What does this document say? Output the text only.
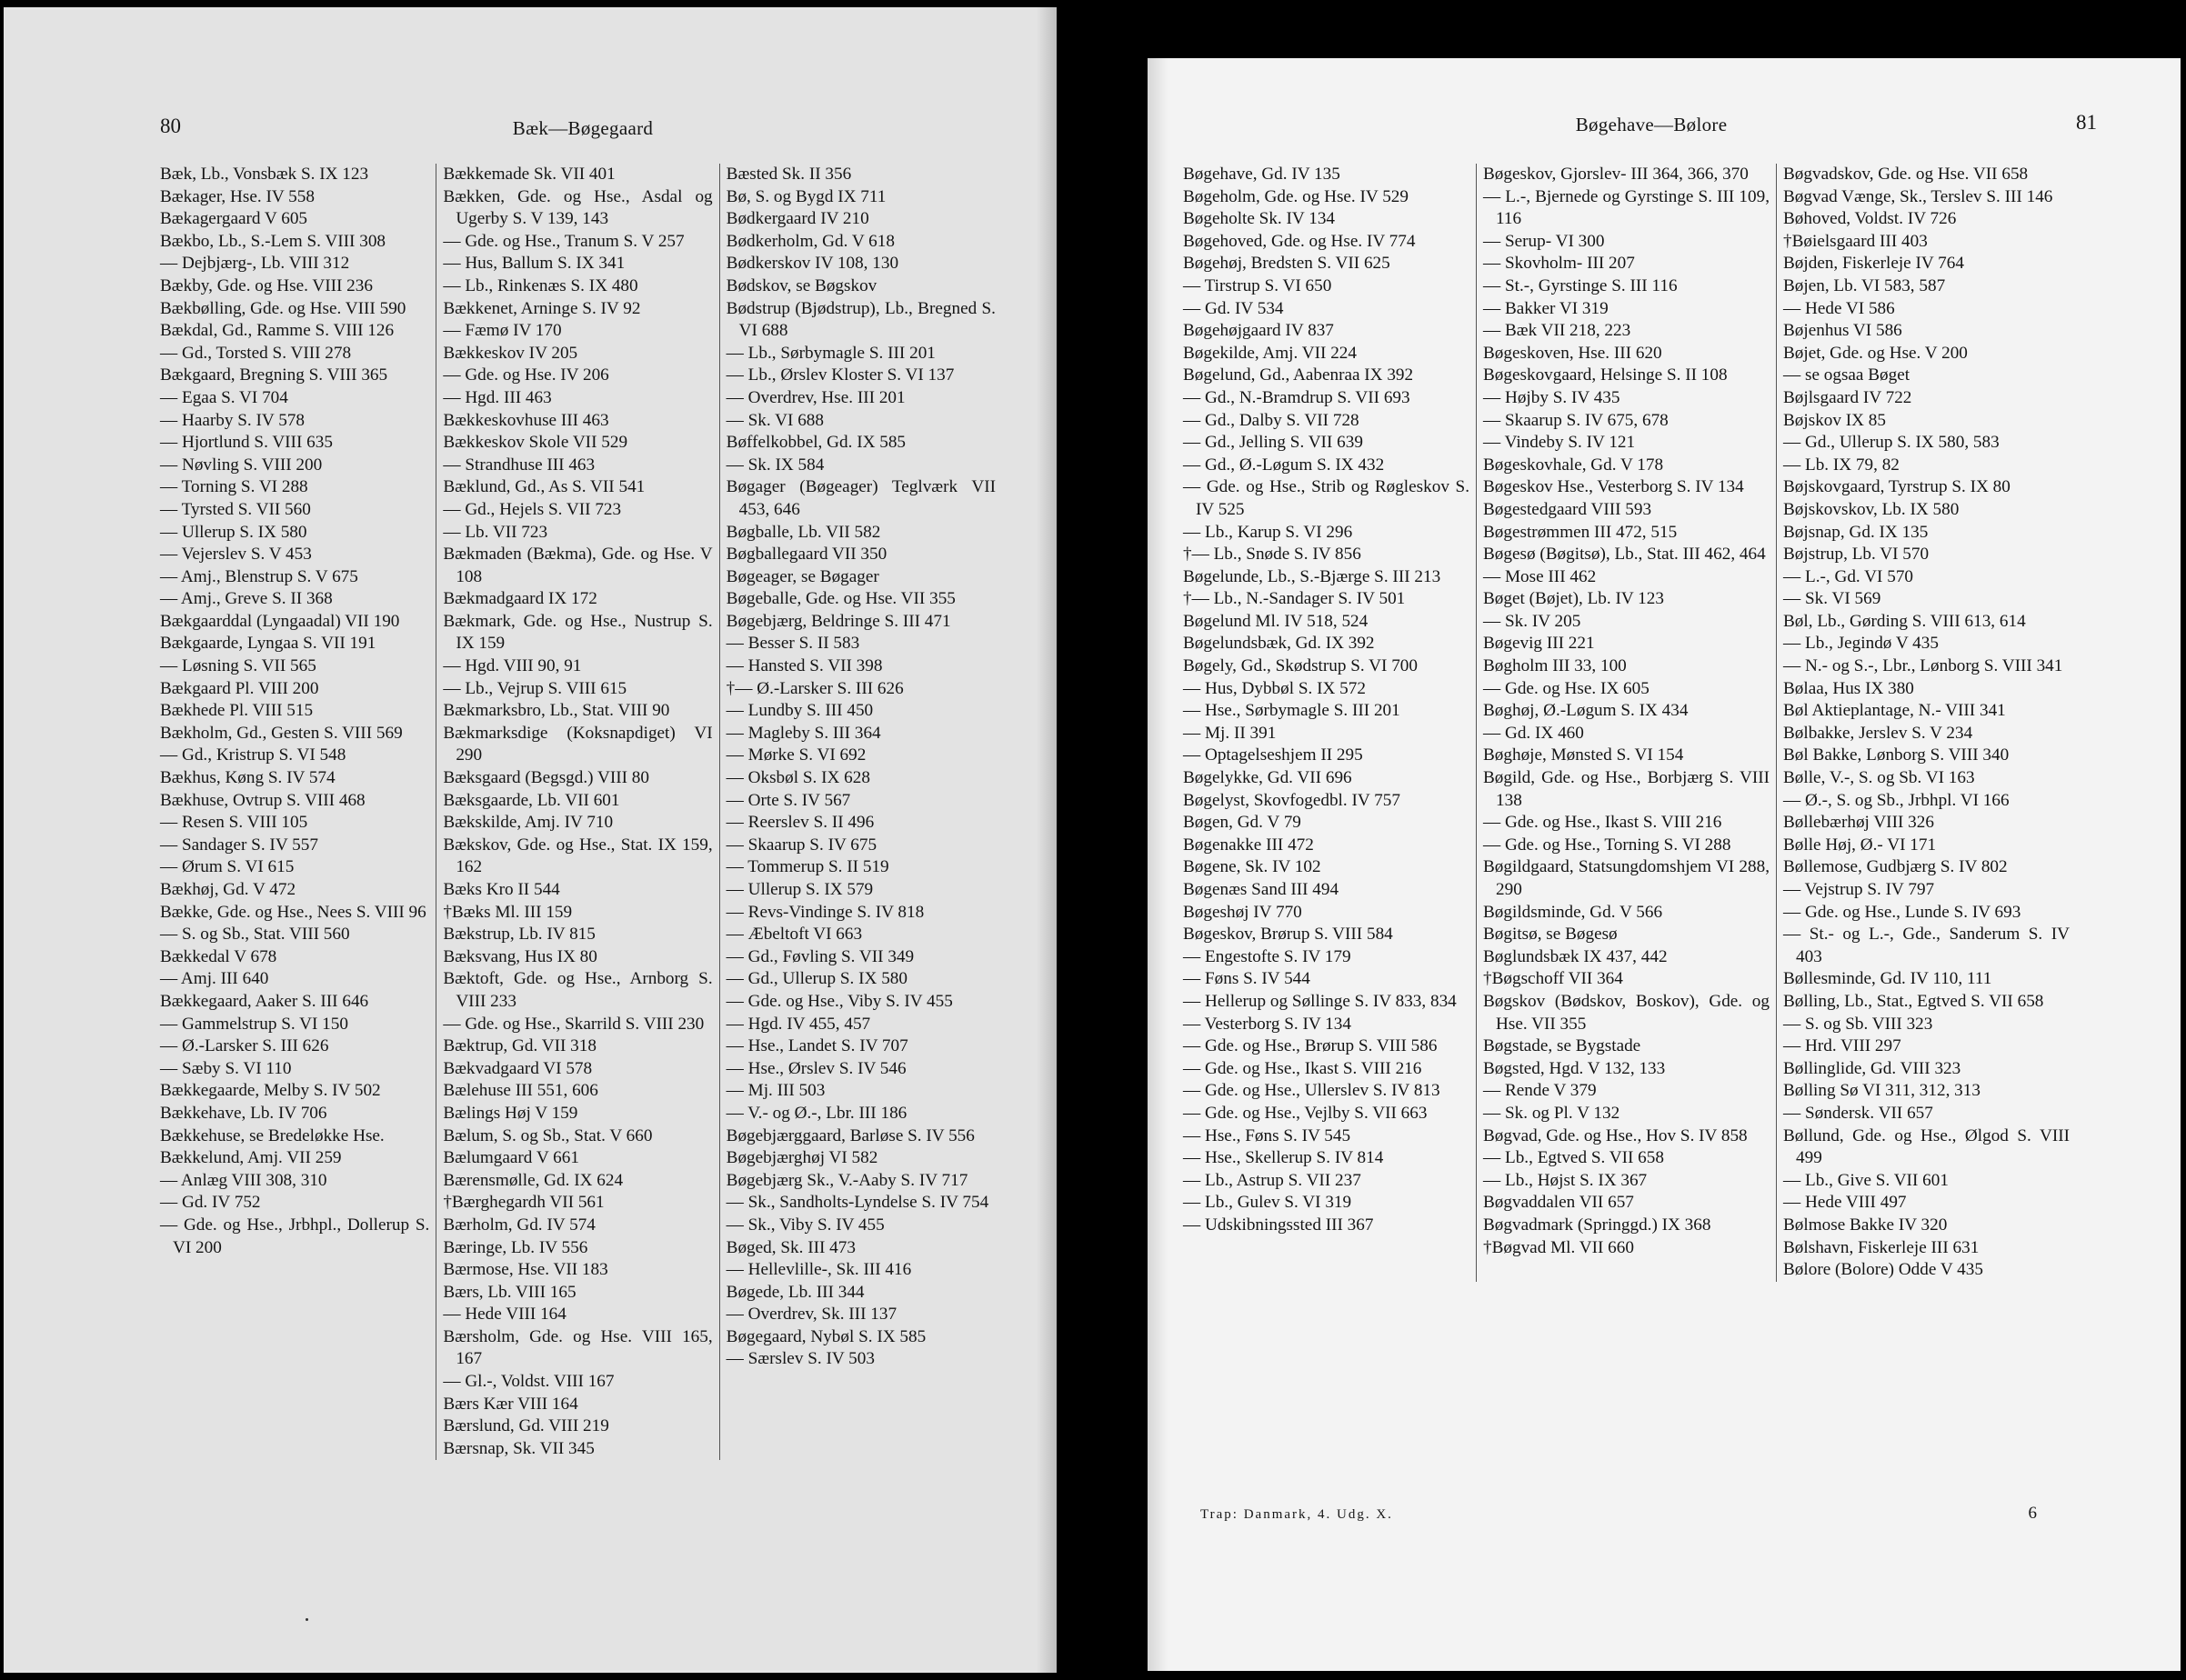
80	Bæk—Bøgegaard
Bæk, Lb., Vonsbæk S. IX 123
Bækager, Hse. IV 558
Bækagergaard V 605
Bækbo, Lb., S.-Lem S. VIII 308
— Dejbjærg-, Lb. VIII 312
Bækby, Gde. og Hse. VIII 236
Bækbølling, Gde. og Hse. VIII 590
Bækdal, Gd., Ramme S. VIII 126
— Gd., Torsted S. VIII 278
Bækgaard, Bregning S. VIII 365
— Egaa S. VI 704
— Haarby S. IV 578
— Hjortlund S. VIII 635
— Nøvling S. VIII 200
— Torning S. VI 288
— Tyrsted S. VII 560
— Ullerup S. IX 580
— Vejerslev S. V 453
— Amj., Blenstrup S. V 675
— Amj., Greve S. II 368
Bækgaarddal (Lyngaadal) VII 190
Bækgaarde, Lyngaa S. VII 191
— Løsning S. VII 565
Bækgaard Pl. VIII 200
Bækhede Pl. VIII 515
Bækholm, Gd., Gesten S. VIII 569
— Gd., Kristrup S. VI 548
Bækhus, Køng S. IV 574
Bækhuse, Ovtrup S. VIII 468
— Resen S. VIII 105
— Sandager S. IV 557
— Ørum S. VI 615
Bækhøj, Gd. V 472
Bække, Gde. og Hse., Nees S. VIII 96
— S. og Sb., Stat. VIII 560
Bækkedal V 678
— Amj. III 640
Bækkegaard, Aaker S. III 646
— Gammelstrup S. VI 150
— Ø.-Larsker S. III 626
— Sæby S. VI 110
Bækkegaarde, Melby S. IV 502
Bækkehave, Lb. IV 706
Bækkehuse, se Bredeløkke Hse.
Bækkelund, Amj. VII 259
— Anlæg VIII 308, 310
— Gd. IV 752
— Gde. og Hse., Jrbhpl., Dollerup S. VI 200
Bækkemade Sk. VII 401
Bækken, Gde. og Hse., Asdal og Ugerby S. V 139, 143
— Gde. og Hse., Tranum S. V 257
— Hus, Ballum S. IX 341
— Lb., Rinkenæs S. IX 480
Bækkenet, Arninge S. IV 92
— Fæmø IV 170
Bækkeskov IV 205
— Gde. og Hse. IV 206
— Hgd. III 463
Bækkeskovhuse III 463
Bækkeskov Skole VII 529
— Strandhuse III 463
Bæklund, Gd., As S. VII 541
— Gd., Hejels S. VII 723
— Lb. VII 723
Bækmaden (Bækma), Gde. og Hse. V 108
Bækmadgaard IX 172
Bækmark, Gde. og Hse., Nustrup S. IX 159
— Hgd. VIII 90, 91
— Lb., Vejrup S. VIII 615
Bækmarksbro, Lb., Stat. VIII 90
Bækmarksdige (Koksnapdiget) VI 290
Bæksgaard (Begsgd.) VIII 80
Bæksgaarde, Lb. VII 601
Bækskilde, Amj. IV 710
Bækskov, Gde. og Hse., Stat. IX 159, 162
Bæks Kro II 544
†Bæks Ml. III 159
Bækstrup, Lb. IV 815
Bæksvang, Hus IX 80
Bæktoft, Gde. og Hse., Arnborg S. VIII 233
— Gde. og Hse., Skarrild S. VIII 230
Bæktrup, Gd. VII 318
Bækvadgaard VI 578
Bælehuse III 551, 606
Bælings Høj V 159
Bælum, S. og Sb., Stat. V 660
Bælumgaard V 661
Bærensmølle, Gd. IX 624
†Bærghegardh VII 561
Bærholm, Gd. IV 574
Bæringe, Lb. IV 556
Bærmose, Hse. VII 183
Bærs, Lb. VIII 165
— Hede VIII 164
Bærsholm, Gde. og Hse. VIII 165, 167
— Gl.-, Voldst. VIII 167
Bærs Kær VIII 164
Bærslund, Gd. VIII 219
Bærsnap, Sk. VII 345
Bæsted Sk. II 356
Bø, S. og Bygd IX 711
Bødkergaard IV 210
Bødkerholm, Gd. V 618
Bødkerskov IV 108, 130
Bødskov, se Bøgskov
Bødstrup (Bjødstrup), Lb., Bregned S. VI 688
— Lb., Sørbymagle S. III 201
— Lb., Ørslev Kloster S. VI 137
— Overdrev, Hse. III 201
— Sk. VI 688
Bøffelkobbel, Gd. IX 585
— Sk. IX 584
Bøgager (Bøgeager) Teglværk VII 453, 646
Bøgballe, Lb. VII 582
Bøgballegaard VII 350
Bøgeager, se Bøgager
Bøgeballe, Gde. og Hse. VII 355
Bøgebjærg, Beldringe S. III 471
— Besser S. II 583
— Hansted S. VII 398
†— Ø.-Larsker S. III 626
— Lundby S. III 450
— Magleby S. III 364
— Mørke S. VI 692
— Oksbøl S. IX 628
— Orte S. IV 567
— Reerslev S. II 496
— Skaarup S. IV 675
— Tommerup S. II 519
— Ullerup S. IX 579
— Revs-Vindinge S. IV 818
— Æbeltoft VI 663
— Gd., Føvling S. VII 349
— Gd., Ullerup S. IX 580
— Gde. og Hse., Viby S. IV 455
— Hgd. IV 455, 457
— Hse., Landet S. IV 707
— Hse., Ørslev S. IV 546
— Mj. III 503
— V.- og Ø.-, Lbr. III 186
Bøgebjærggaard, Barløse S. IV 556
Bøgebjærghøj VI 582
Bøgebjærg Sk., V.-Aaby S. IV 717
— Sk., Sandholts-Lyndelse S. IV 754
— Sk., Viby S. IV 455
Bøged, Sk. III 473
— Hellevlille-, Sk. III 416
Bøgede, Lb. III 344
— Overdrev, Sk. III 137
Bøgegaard, Nybøl S. IX 585
— Særslev S. IV 503
Bøgehave—Bølore	81
Bøgehave, Gd. IV 135
Bøgeholm, Gde. og Hse. IV 529
Bøgeholte Sk. IV 134
Bøgehoved, Gde. og Hse. IV 774
Bøgehøj, Bredsten S. VII 625
— Tirstrup S. VI 650
— Gd. IV 534
Bøgehøjgaard IV 837
Bøgekilde, Amj. VII 224
Bøgelund, Gd., Aabenraa IX 392
— Gd., N.-Bramdrup S. VII 693
— Gd., Dalby S. VII 728
— Gd., Jelling S. VII 639
— Gd., Ø.-Løgum S. IX 432
— Gde. og Hse., Strib og Røgleskov S. IV 525
— Lb., Karup S. VI 296
†— Lb., Snøde S. IV 856
Bøgelunde, Lb., S.-Bjærge S. III 213
†— Lb., N.-Sandager S. IV 501
Bøgelund Ml. IV 518, 524
Bøgelundsbæk, Gd. IX 392
Bøgely, Gd., Skødstrup S. VI 700
— Hus, Dybbøl S. IX 572
— Hse., Sørbymagle S. III 201
— Mj. II 391
— Optagelseshjem II 295
Bøgelykke, Gd. VII 696
Bøgelyst, Skovfogedbl. IV 757
Bøgen, Gd. V 79
Bøgenakke III 472
Bøgene, Sk. IV 102
Bøgenæs Sand III 494
Bøgeshøj IV 770
Bøgeskov, Brørup S. VIII 584
— Engestofte S. IV 179
— Føns S. IV 544
— Hellerup og Søllinge S. IV 833, 834
— Vesterborg S. IV 134
— Gde. og Hse., Brørup S. VIII 586
— Gde. og Hse., Ikast S. VIII 216
— Gde. og Hse., Ullerslev S. IV 813
— Gde. og Hse., Vejlby S. VII 663
— Hse., Føns S. IV 545
— Hse., Skellerup S. IV 814
— Lb., Astrup S. VII 237
— Lb., Gulev S. VI 319
— Udskibningssted III 367
Bøgeskov, Gjorslev- III 364, 366, 370
— L.-, Bjernede og Gyrstinge S. III 109, 116
— Serup- VI 300
— Skovholm- III 207
— St.-, Gyrstinge S. III 116
— Bakker VI 319
— Bæk VII 218, 223
Bøgeskoven, Hse. III 620
Bøgeskovgaard, Helsinge S. II 108
— Højby S. IV 435
— Skaarup S. IV 675, 678
— Vindeby S. IV 121
Bøgeskovhale, Gd. V 178
Bøgeskov Hse., Vesterborg S. IV 134
Bøgestedgaard VIII 593
Bøgestrømmen III 472, 515
Bøgesø (Bøgitsø), Lb., Stat. III 462, 464
— Mose III 462
Bøget (Bøjet), Lb. IV 123
— Sk. IV 205
Bøgevig III 221
Bøgholm III 33, 100
— Gde. og Hse. IX 605
Bøghøj, Ø.-Løgum S. IX 434
— Gd. IX 460
Bøghøje, Mønsted S. VI 154
Bøgild, Gde. og Hse., Borbjærg S. VIII 138
— Gde. og Hse., Ikast S. VIII 216
— Gde. og Hse., Torning S. VI 288
Bøgildgaard, Statsungdomshjem VI 288, 290
Bøgildsminde, Gd. V 566
Bøgitsø, se Bøgesø
Bøglundsbæk IX 437, 442
†Bøgschoff VII 364
Bøgskov (Bødskov, Boskov), Gde. og Hse. VII 355
Bøgstade, se Bygstade
Bøgsted, Hgd. V 132, 133
— Rende V 379
— Sk. og Pl. V 132
Bøgvad, Gde. og Hse., Hov S. IV 858
— Lb., Egtved S. VII 658
— Lb., Højst S. IX 367
Bøgvaddalen VII 657
Bøgvadmark (Springgd.) IX 368
†Bøgvad Ml. VII 660
Bøgvadskov, Gde. og Hse. VII 658
Bøgvad Vænge, Sk., Terslev S. III 146
Bøhoved, Voldst. IV 726
†Bøielsgaard III 403
Bøjden, Fiskerleje IV 764
Bøjen, Lb. VI 583, 587
— Hede VI 586
Bøjenhus VI 586
Bøjet, Gde. og Hse. V 200
— se ogsaa Bøget
Bøjlsgaard IV 722
Bøjskov IX 85
— Gd., Ullerup S. IX 580, 583
— Lb. IX 79, 82
Bøjskovgaard, Tyrstrup S. IX 80
Bøjskovskov, Lb. IX 580
Bøjsnap, Gd. IX 135
Bøjstrup, Lb. VI 570
— L.-, Gd. VI 570
— Sk. VI 569
Bøl, Lb., Gørding S. VIII 613, 614
— Lb., Jegindø V 435
— N.- og S.-, Lbr., Lønborg S. VIII 341
Bølaa, Hus IX 380
Bøl Aktieplantage, N.- VIII 341
Bølbakke, Jerslev S. V 234
Bøl Bakke, Lønborg S. VIII 340
Bølle, V.-, S. og Sb. VI 163
— Ø.-, S. og Sb., Jrbhpl. VI 166
Bøllebærhøj VIII 326
Bølle Høj, Ø.- VI 171
Bøllemose, Gudbjærg S. IV 802
— Vejstrup S. IV 797
— Gde. og Hse., Lunde S. IV 693
— St.- og L.-, Gde., Sanderum S. IV 403
Bøllesminde, Gd. IV 110, 111
Bølling, Lb., Stat., Egtved S. VII 658
— S. og Sb. VIII 323
— Hrd. VIII 297
Bøllinglide, Gd. VIII 323
Bølling Sø VI 311, 312, 313
— Søndersk. VII 657
Bøllund, Gde. og Hse., Ølgod S. VIII 499
— Lb., Give S. VII 601
— Hede VIII 497
Bølmose Bakke IV 320
Bølshavn, Fiskerleje III 631
Bølore (Bolore) Odde V 435
Trap: Danmark, 4. Udg. X.	6
